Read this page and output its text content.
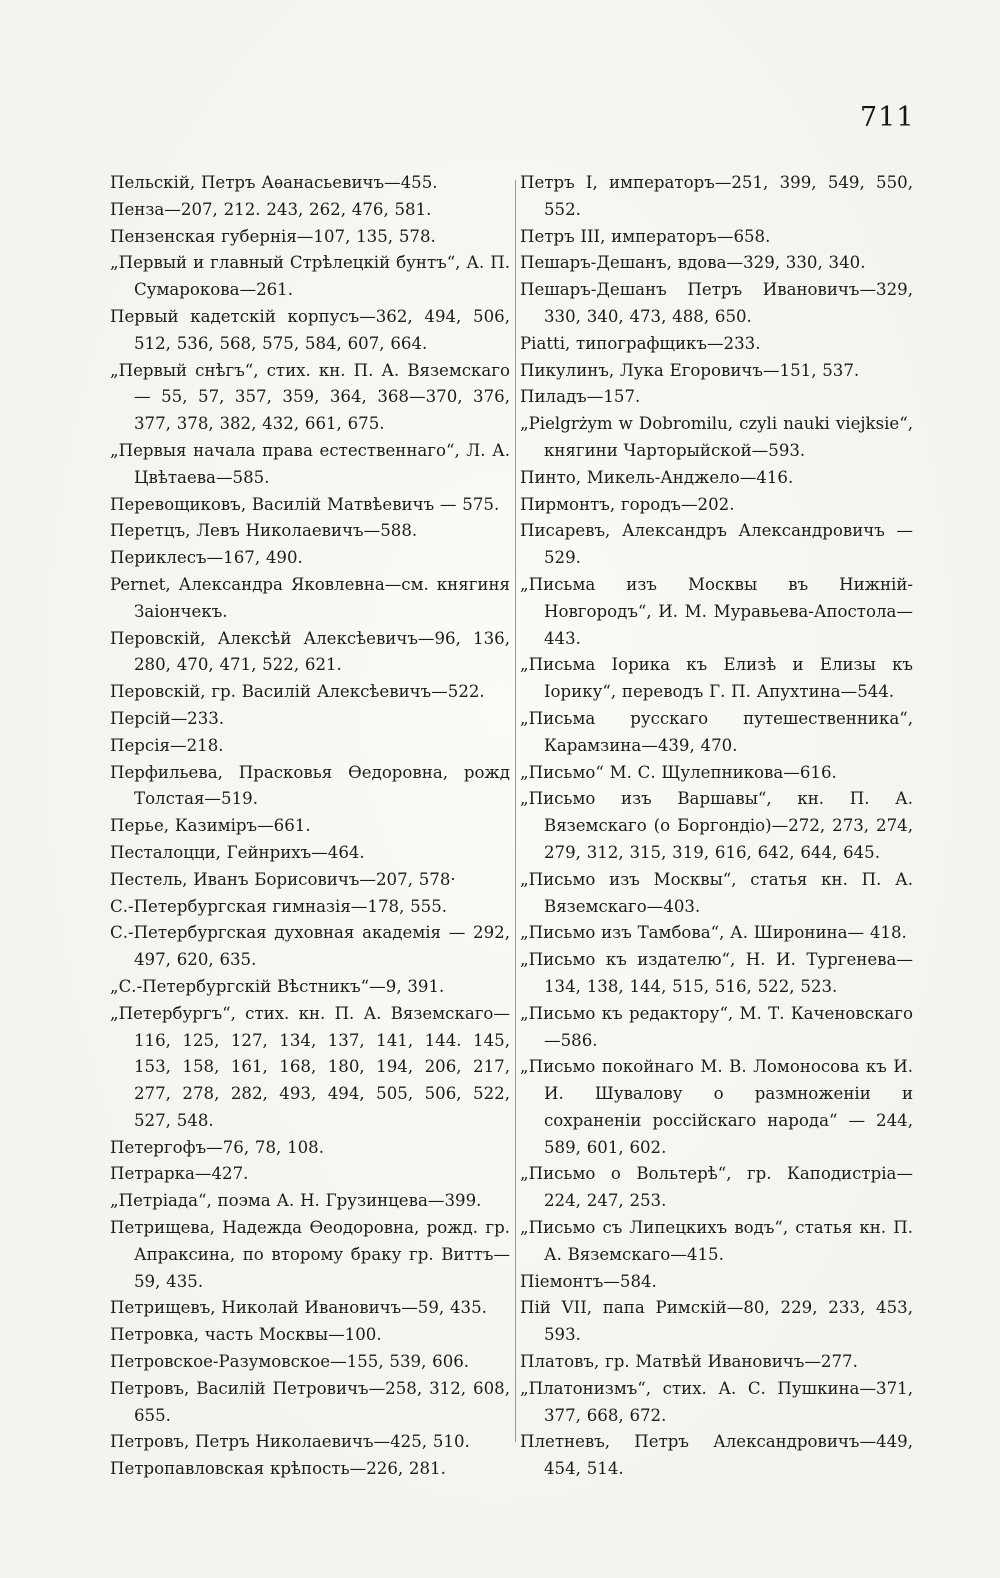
711

Пельскій, Петръ Аѳанасьевичъ—455.

Пенза—207, 212. 243, 262, 476, 581.

Пензенская губернія—107, 135, 578.

„Первый и главный Стрѣлецкій бунтъ“, А. П. Сумарокова—261.

Первый кадетскій корпусъ—362, 494, 506, 512, 536, 568, 575, 584, 607, 664.

„Первый снѣгъ“, стих. кн. П. А. Вяземскаго — 55, 57, 357, 359, 364, 368—370, 376, 377, 378, 382, 432, 661, 675.

„Первыя начала права естественнаго“, Л. А. Цвѣтаева—585.

Перевощиковъ, Василій Матвѣевичъ — 575.

Перетцъ, Левъ Николаевичъ—588.

Периклесъ—167, 490.

Pernet, Александра Яковлевна—см. княгиня Заіончекъ.

Перовскій, Алексѣй Алексѣевичъ—96, 136, 280, 470, 471, 522, 621.

Перовскій, гр. Василій Алексѣевичъ—522.

Персій—233.

Персія—218.

Перфильева, Прасковья Ѳедоровна, рожд Толстая—519.

Перье, Казиміръ—661.

Песталоцци, Гейнрихъ—464.

Пестель, Иванъ Борисовичъ—207, 578·

С.-Петербургская гимназія—178, 555.

С.-Петербургская духовная академія — 292, 497, 620, 635.

„С.-Петербургскій Вѣстникъ“—9, 391.

„Петербургъ“, стих. кн. П. А. Вяземскаго—116, 125, 127, 134, 137, 141, 144. 145, 153, 158, 161, 168, 180, 194, 206, 217, 277, 278, 282, 493, 494, 505, 506, 522, 527, 548.

Петергофъ—76, 78, 108.

Петрарка—427.

„Петріада“, поэма А. Н. Грузинцева—399.

Петрищева, Надежда Ѳеодоровна, рожд. гр. Апраксина, по второму браку гр. Виттъ—59, 435.

Петрищевъ, Николай Ивановичъ—59, 435.

Петровка, часть Москвы—100.

Петровское-Разумовское—155, 539, 606.

Петровъ, Василій Петровичъ—258, 312, 608, 655.

Петровъ, Петръ Николаевичъ—425, 510.

Петропавловская крѣпость—226, 281.

Петръ I, императоръ—251, 399, 549, 550, 552.

Петръ III, императоръ—658.

Пешаръ-Дешанъ, вдова—329, 330, 340.

Пешаръ-Дешанъ Петръ Ивановичъ—329, 330, 340, 473, 488, 650.

Piatti, типографщикъ—233.

Пикулинъ, Лука Егоровичъ—151, 537.

Пиладъ—157.

„Pielgrżym w Dobromilu, czyli nauki viejksie“, княгини Чарторыйской—593.

Пинто, Микель-Анджело—416.

Пирмонтъ, городъ—202.

Писаревъ, Александръ Александровичъ — 529.

„Письма изъ Москвы въ Нижній-Новгородъ“, И. М. Муравьева-Апостола— 443.

„Письма Іорика къ Елизѣ и Елизы къ Іорику“, переводъ Г. П. Апухтина—544.

„Письма русскаго путешественника“, Карамзина—439, 470.

„Письмо“ М. С. Щулепникова—616.

„Письмо изъ Варшавы“, кн. П. А. Вяземскаго (о Боргондіо)—272, 273, 274, 279, 312, 315, 319, 616, 642, 644, 645.

„Письмо изъ Москвы“, статья кн. П. А. Вяземскаго—403.

„Письмо изъ Тамбова“, А. Широнина— 418.

„Письмо къ издателю“, Н. И. Тургенева— 134, 138, 144, 515, 516, 522, 523.

„Письмо къ редактору“, М. Т. Каченовскаго—586.

„Письмо покойнаго М. В. Ломоносова къ И. И. Шувалову о размноженіи и сохраненіи россійскаго народа“ — 244, 589, 601, 602.

„Письмо о Вольтерѣ“, гр. Каподистріа— 224, 247, 253.

„Письмо съ Липецкихъ водъ“, статья кн. П. А. Вяземскаго—415.

Піемонтъ—584.

Пій VII, папа Римскій—80, 229, 233, 453, 593.

Платовъ, гр. Матвѣй Ивановичъ—277.

„Платонизмъ“, стих. А. С. Пушкина—371, 377, 668, 672.

Плетневъ, Петръ Александровичъ—449, 454, 514.
